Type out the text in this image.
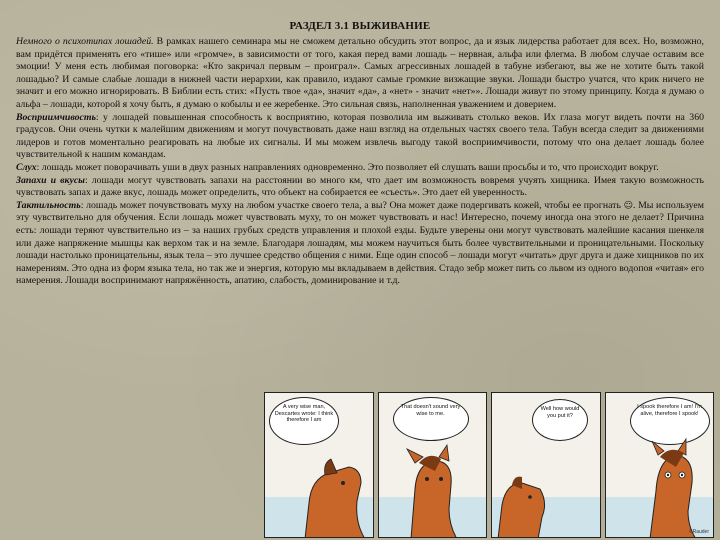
РАЗДЕЛ 3.1 ВЫЖИВАНИЕ

Немного о психотипах лошадей. В рамках нашего семинара мы не сможем детально обсудить этот вопрос, да и язык лидерства работает для всех. Но, возможно, вам придётся применять его «тише» или «громче», в зависимости от того, какая перед вами лошадь – нервная, альфа или флегма. В любом случае оставим все эмоции! У меня есть любимая поговорка: «Кто закричал первым – проиграл». Самых агрессивных лошадей в табуне избегают, вы же не хотите быть такой лошадью? И самые слабые лошади в нижней части иерархии, как правило, издают самые громкие визжащие звуки. Лошади быстро учатся, что крик ничего не значит и его можно игнорировать. В Библии есть стих: «Пусть твое «да», значит «да», а «нет» - значит «нет»». Лошади живут по этому принципу. Когда я думаю о альфа – лошади, которой я хочу быть, я думаю о кобылы и ее жеребенке. Это сильная связь, наполненная уважением и доверием.

Восприимчивость: у лошадей повышенная способность к восприятию, которая позволила им выживать столько веков. Их глаза могут видеть почти на 360 градусов. Они очень чутки к малейшим движениям и могут почувствовать даже наш взгляд на отдельных частях своего тела. Табун всегда следит за движениями лидеров и готов моментально реагировать на любые их сигналы. И мы можем извлечь выгоду такой восприимчивости, потому что она делает лошадь более чувствительной к нашим командам.

Слух: лошадь может поворачивать уши в двух разных направлениях одновременно. Это позволяет ей слушать ваши просьбы и то, что происходит вокруг.

Запахи и вкусы: лошади могут чувствовать запахи на расстоянии во много км, что дает им возможность вовремя учуять хищника. Имея такую возможность чувствовать запах и даже вкус, лошадь может определить, что объект на собирается ее «съесть». Это дает ей уверенность.

Тактильность: лошадь может почувствовать муху на любом участке своего тела, а вы? Она может даже подергивать кожей, чтобы ее прогнать ☺. Мы используем эту чувствительно для обучения. Если лошадь может чувствовать муху, то он может чувствовать и нас! Интересно, почему иногда она этого не делает? Причина есть: лошади теряют чувствительно из – за наших грубых средств управления и плохой езды. Будьте уверены они могут чувствовать малейшие касания шенкеля или даже напряжение мышцы как верхом так и на земле. Благодаря лошадям, мы можем научиться быть более чувствительными и проницательными. Поскольку лошади настолько проницательны, язык тела – это лучшее средство общения с ними. Еще один способ – лошади могут «читать» друг друга и даже хищников по их намерениям. Это одна из форм языка тела, но так же и энергия, которую мы вкладываем в действия. Стадо зебр может пить со львом из одного водопоя «читая» его намерения. Лошади воспринимают напряжённость, апатию, слабость, доминирование и т.д.

A very wise man, Descartes wrote: I think therefore I am
That doesn't sound very wise to me.
Well how would you put it?
I spook therefore I am! I'm alive, therefore I spook!
©Rauder
